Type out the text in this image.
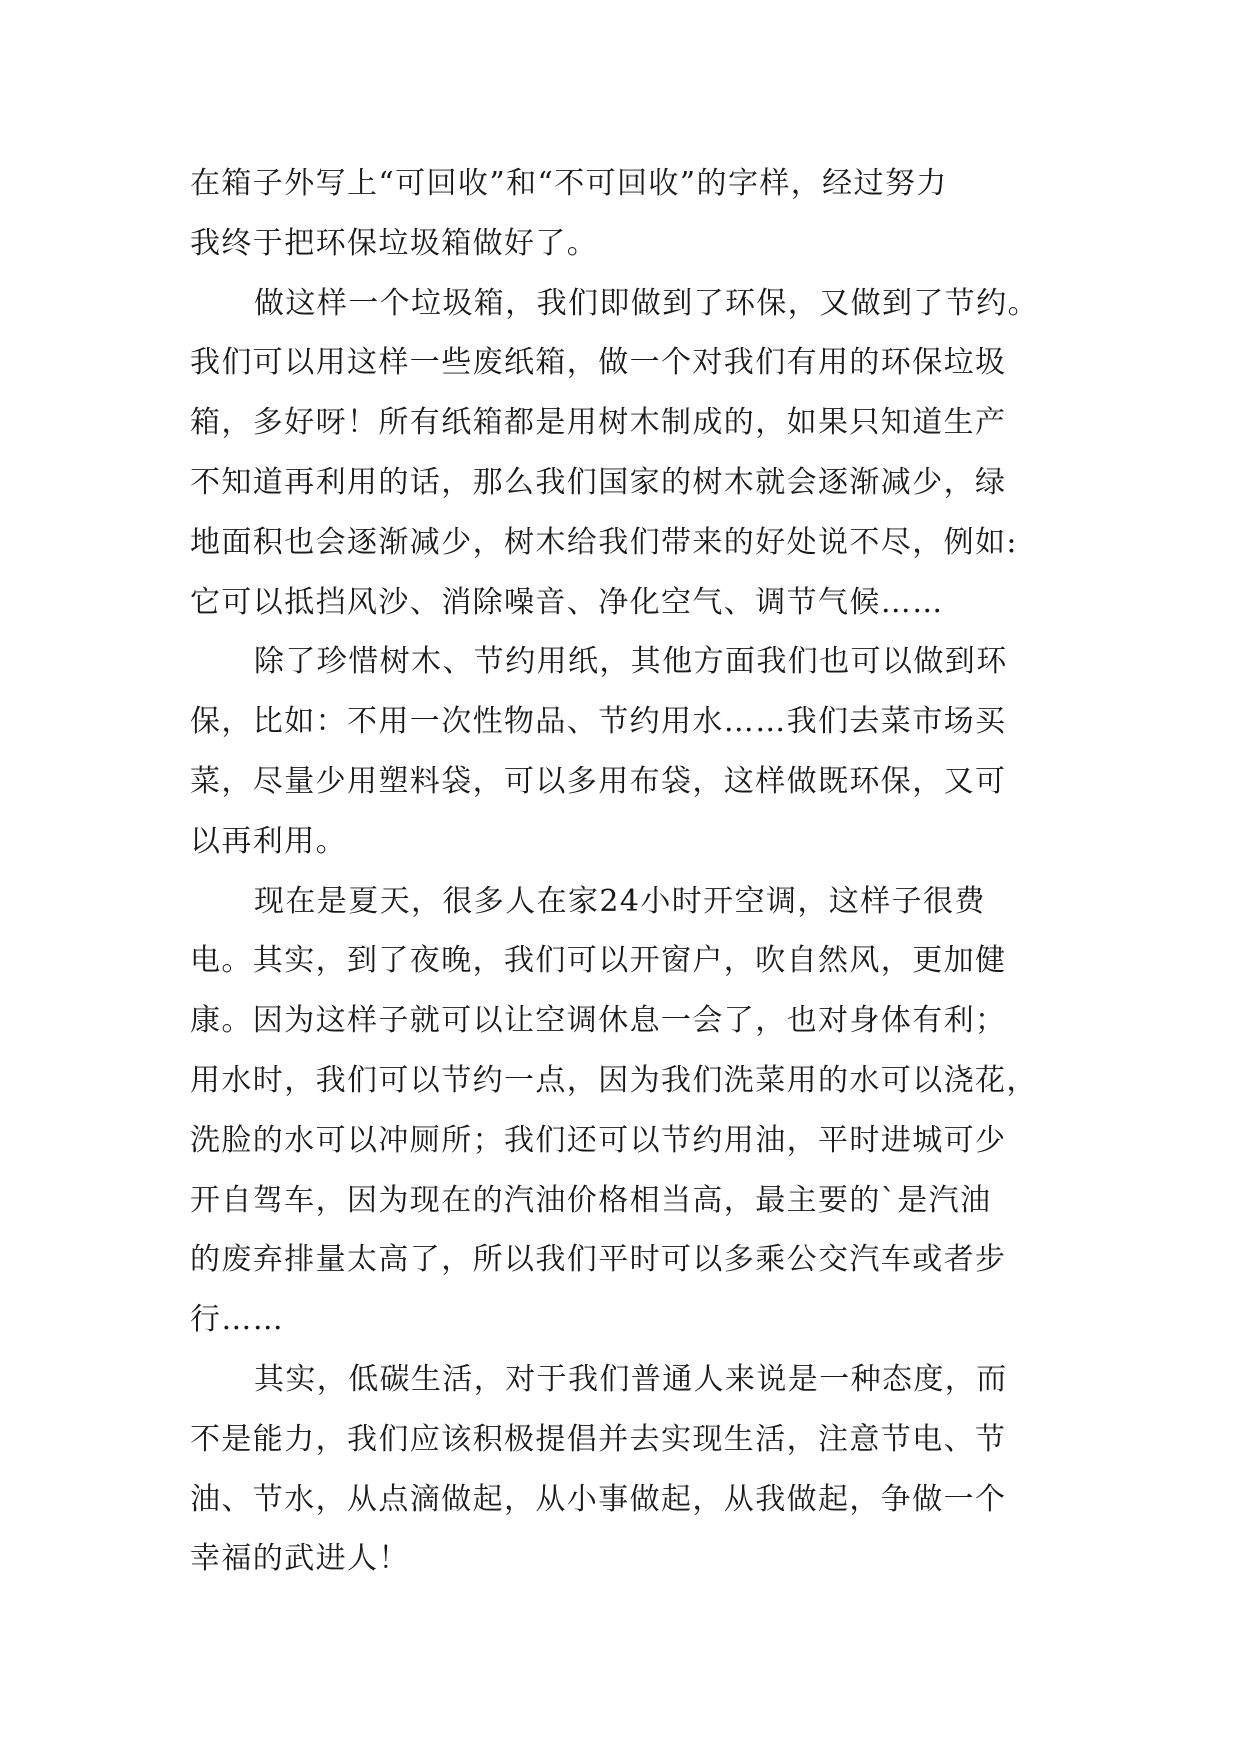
在箱子外写上“可回收”和“不可回收”的字样，经过努力
我终于把环保垃圾箱做好了。
做这样一个垃圾箱，我们即做到了环保，又做到了节约。
我们可以用这样一些废纸箱，做一个对我们有用的环保垃圾
箱，多好呀！所有纸箱都是用树木制成的，如果只知道生产
不知道再利用的话，那么我们国家的树木就会逐渐减少，绿
地面积也会逐渐减少，树木给我们带来的好处说不尽，例如:
它可以抵挡风沙、消除噪音、净化空气、调节气候……
除了珍惜树木、节约用纸，其他方面我们也可以做到环
保，比如：不用一次性物品、节约用水……我们去菜市场买
菜，尽量少用塑料袋，可以多用布袋，这样做既环保，又可
以再利用。
现在是夏天，很多人在家24小时开空调，这样子很费
电。其实，到了夜晚，我们可以开窗户，吹自然风，更加健
康。因为这样子就可以让空调休息一会了，也对身体有利；
用水时，我们可以节约一点，因为我们洗菜用的水可以浇花，
洗脸的水可以冲厕所；我们还可以节约用油，平时进城可少
开自驾车，因为现在的汽油价格相当高，最主要的`是汽油
的废弃排量太高了，所以我们平时可以多乘公交汽车或者步
行……
其实，低碳生活，对于我们普通人来说是一种态度，而
不是能力，我们应该积极提倡并去实现生活，注意节电、节
油、节水，从点滴做起，从小事做起，从我做起，争做一个
幸福的武进人！
